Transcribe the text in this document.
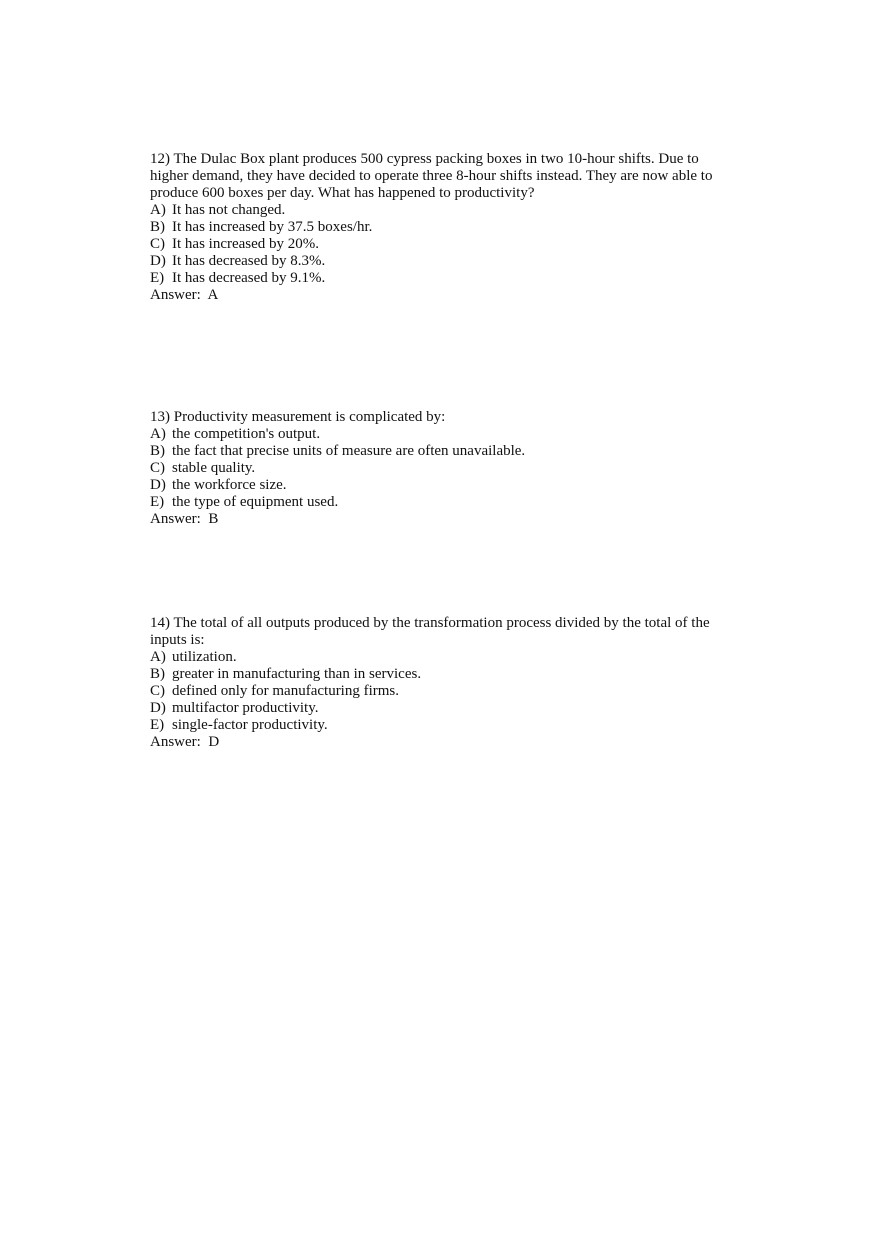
12) The Dulac Box plant produces 500 cypress packing boxes in two 10-hour shifts. Due to higher demand, they have decided to operate three 8-hour shifts instead. They are now able to produce 600 boxes per day. What has happened to productivity?

A) It has not changed.
B) It has increased by 37.5 boxes/hr.
C) It has increased by 20%.
D) It has decreased by 8.3%.
E) It has decreased by 9.1%.

Answer: A

13) Productivity measurement is complicated by:

A) the competition's output.
B) the fact that precise units of measure are often unavailable.
C) stable quality.
D) the workforce size.
E) the type of equipment used.

Answer: B

14) The total of all outputs produced by the transformation process divided by the total of the inputs is:

A) utilization.
B) greater in manufacturing than in services.
C) defined only for manufacturing firms.
D) multifactor productivity.
E) single-factor productivity.

Answer: D
